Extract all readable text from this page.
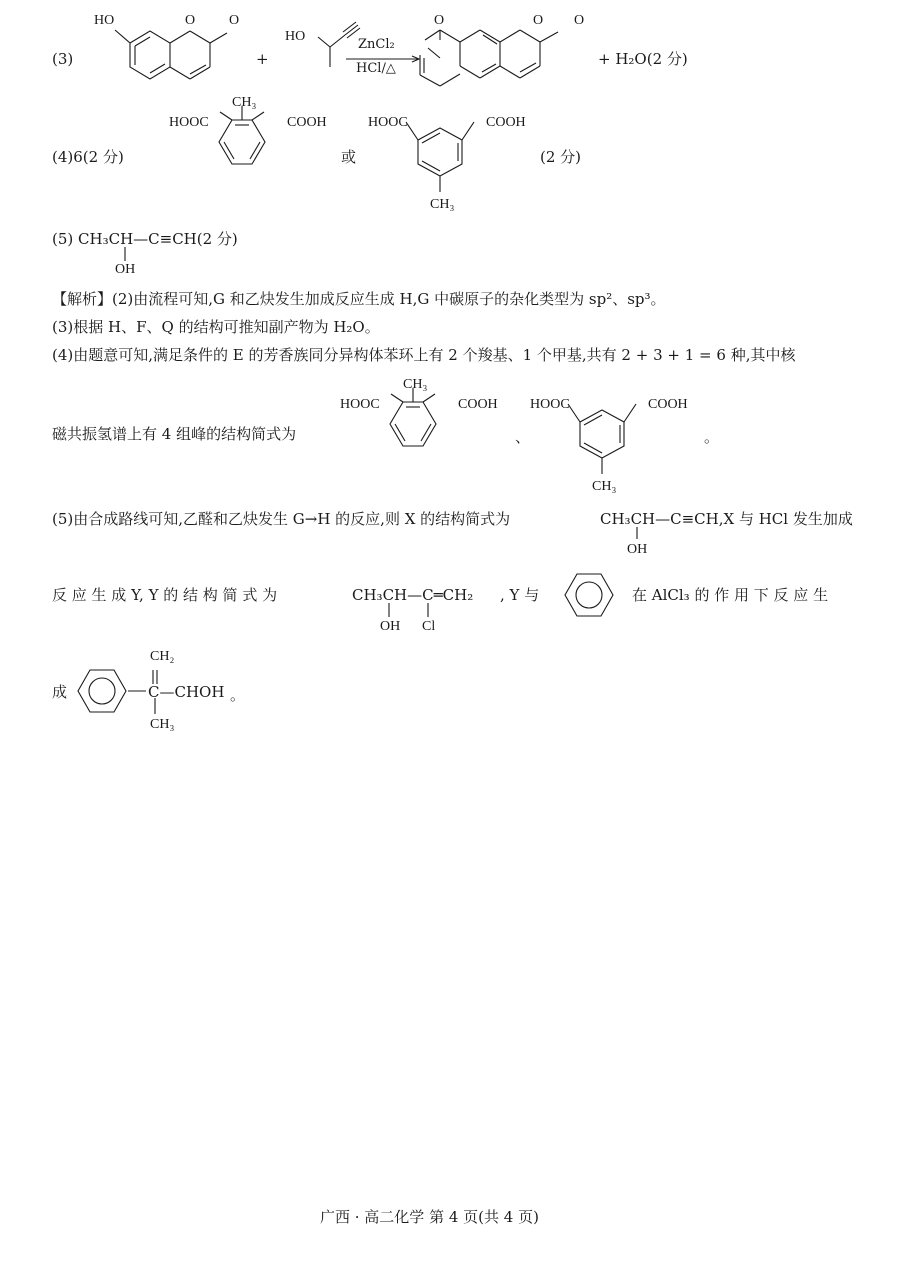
(3)
HO	O O
+
HO
ZnCl₂
HCl/△
O	O O
+ H₂O(2 分)
(4)6(2 分)
HOOC	COOH
CH₃
或
HOOC	COOH
CH₃
(2 分)
(5) CH₃CH—C≡CH(2 分)
OH
【解析】(2)由流程可知,G 和乙炔发生加成反应生成 H,G 中碳原子的杂化类型为 sp²、sp³。
(3)根据 H、F、Q 的结构可推知副产物为 H₂O。
(4)由题意可知,满足条件的 E 的芳香族同分异构体苯环上有 2 个羧基、1 个甲基,共有 2 + 3 + 1 = 6 种,其中核
磁共振氢谱上有 4 组峰的结构简式为
HOOC	COOH
CH₃
、
HOOC	COOH
CH₃
。
(5)由合成路线可知,乙醛和乙炔发生 G→H 的反应,则 X 的结构简式为	CH₃CH—C≡CH,X 与 HCl 发生加成
OH
反 应 生 成 Y, Y 的 结 构 简 式 为	CH₃CH—C═CH₂
OH Cl
, Y 与	在 AlCl₃ 的 作 用 下 反 应 生
成
CH₂
C—CHOH
CH₃
。
广西 · 高二化学 第 4 页(共 4 页)
